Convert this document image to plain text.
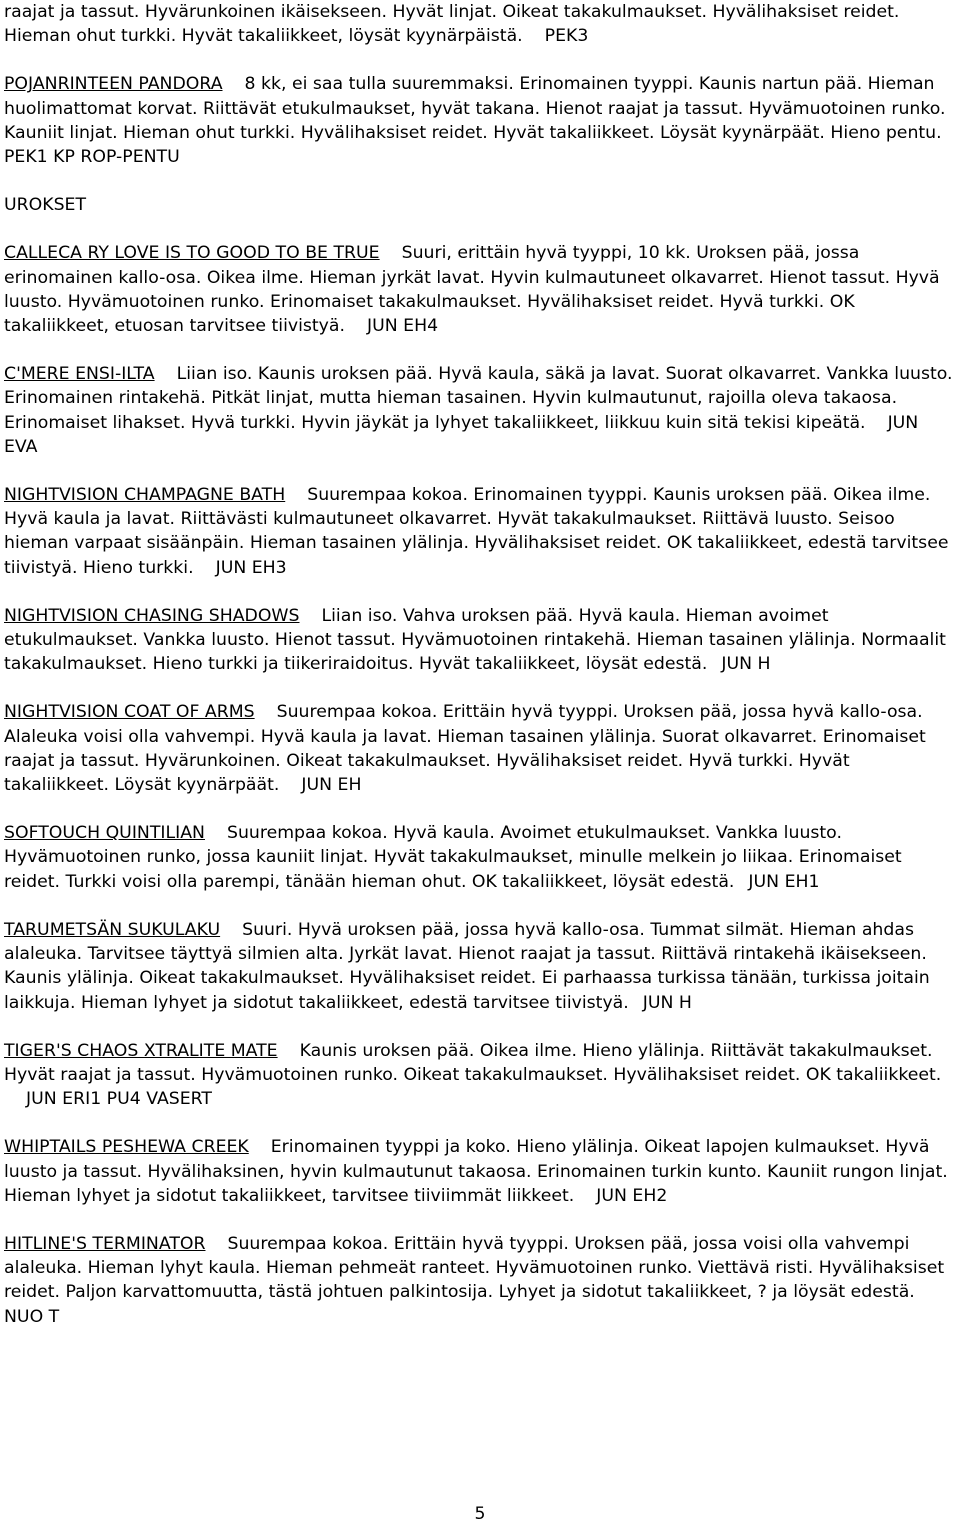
raajat ja tassut. Hyvärunkoinen ikäisekseen. Hyvät linjat. Oikeat takakulmaukset. Hyvälihaksiset reidet. Hieman ohut turkki. Hyvät takaliikkeet, löysät kyynärpäistä. PEK3

POJANRINTEEN PANDORA 8 kk, ei saa tulla suuremmaksi. Erinomainen tyyppi. Kaunis nartun pää. Hieman huolimattomat korvat. Riittävät etukulmaukset, hyvät takana. Hienot raajat ja tassut. Hyvämuotoinen runko. Kauniit linjat. Hieman ohut turkki. Hyvälihaksiset reidet. Hyvät takaliikkeet. Löysät kyynärpäät. Hieno pentu.PEK1 KP ROP-PENTU

UROKSET

CALLECA RY LOVE IS TO GOOD TO BE TRUE Suuri, erittäin hyvä tyyppi, 10 kk. Uroksen pää, jossa erinomainen kallo-osa. Oikea ilme. Hieman jyrkät lavat. Hyvin kulmautuneet olkavarret. Hienot tassut. Hyvä luusto. Hyvämuotoinen runko. Erinomaiset takakulmaukset. Hyvälihaksiset reidet. Hyvä turkki. OK takaliikkeet, etuosan tarvitsee tiivistyä. JUN EH4

C'MERE ENSI-ILTA Liian iso. Kaunis uroksen pää. Hyvä kaula, säkä ja lavat. Suorat olkavarret. Vankka luusto. Erinomainen rintakehä. Pitkät linjat, mutta hieman tasainen. Hyvin kulmautunut, rajoilla oleva takaosa. Erinomaiset lihakset. Hyvä turkki. Hyvin jäykät ja lyhyet takaliikkeet, liikkuu kuin sitä tekisi kipeätä. JUN EVA

NIGHTVISION CHAMPAGNE BATH Suurempaa kokoa. Erinomainen tyyppi. Kaunis uroksen pää. Oikea ilme. Hyvä kaula ja lavat. Riittävästi kulmautuneet olkavarret. Hyvät takakulmaukset. Riittävä luusto. Seisoo hieman varpaat sisäänpäin. Hieman tasainen ylälinja. Hyvälihaksiset reidet. OK takaliikkeet, edestä tarvitsee tiivistyä. Hieno turkki. JUN EH3

NIGHTVISION CHASING SHADOWS Liian iso. Vahva uroksen pää. Hyvä kaula. Hieman avoimet etukulmaukset. Vankka luusto. Hienot tassut. Hyvämuotoinen rintakehä. Hieman tasainen ylälinja. Normaalit takakulmaukset. Hieno turkki ja tiikeriraidoitus. Hyvät takaliikkeet, löysät edestä. JUN H

NIGHTVISION COAT OF ARMS Suurempaa kokoa. Erittäin hyvä tyyppi. Uroksen pää, jossa hyvä kallo-osa. Alaleuka voisi olla vahvempi. Hyvä kaula ja lavat. Hieman tasainen ylälinja. Suorat olkavarret. Erinomaiset raajat ja tassut. Hyvärunkoinen. Oikeat takakulmaukset. Hyvälihaksiset reidet. Hyvä turkki. Hyvät takaliikkeet. Löysät kyynärpäät. JUN EH

SOFTOUCH QUINTILIAN Suurempaa kokoa. Hyvä kaula. Avoimet etukulmaukset. Vankka luusto. Hyvämuotoinen runko, jossa kauniit linjat. Hyvät takakulmaukset, minulle melkein jo liikaa. Erinomaiset reidet. Turkki voisi olla parempi, tänään hieman ohut. OK takaliikkeet, löysät edestä. JUN EH1

TARUMETSÄN SUKULAKU Suuri. Hyvä uroksen pää, jossa hyvä kallo-osa. Tummat silmät. Hieman ahdas alaleuka. Tarvitsee täyttyä silmien alta. Jyrkät lavat. Hienot raajat ja tassut. Riittävä rintakehä ikäisekseen. Kaunis ylälinja. Oikeat takakulmaukset. Hyvälihaksiset reidet. Ei parhaassa turkissa tänään, turkissa joitain laikkuja. Hieman lyhyet ja sidotut takaliikkeet, edestä tarvitsee tiivistyä. JUN H

TIGER'S CHAOS XTRALITE MATE Kaunis uroksen pää. Oikea ilme. Hieno ylälinja. Riittävät takakulmaukset. Hyvät raajat ja tassut. Hyvämuotoinen runko. Oikeat takakulmaukset. Hyvälihaksiset reidet. OK takaliikkeet.JUN ERI1 PU4 VASERT

WHIPTAILS PESHEWA CREEK Erinomainen tyyppi ja koko. Hieno ylälinja. Oikeat lapojen kulmaukset. Hyvä luusto ja tassut. Hyvälihaksinen, hyvin kulmautunut takaosa. Erinomainen turkin kunto. Kauniit rungon linjat. Hieman lyhyet ja sidotut takaliikkeet, tarvitsee tiiviimmät liikkeet. JUN EH2

HITLINE'S TERMINATOR Suurempaa kokoa. Erittäin hyvä tyyppi. Uroksen pää, jossa voisi olla vahvempi alaleuka. Hieman lyhyt kaula. Hieman pehmeät ranteet. Hyvämuotoinen runko. Viettävä risti. Hyvälihaksiset reidet. Paljon karvattomuutta, tästä johtuen palkintosija. Lyhyet ja sidotut takaliikkeet, ? ja löysät edestä.NUO T

5
